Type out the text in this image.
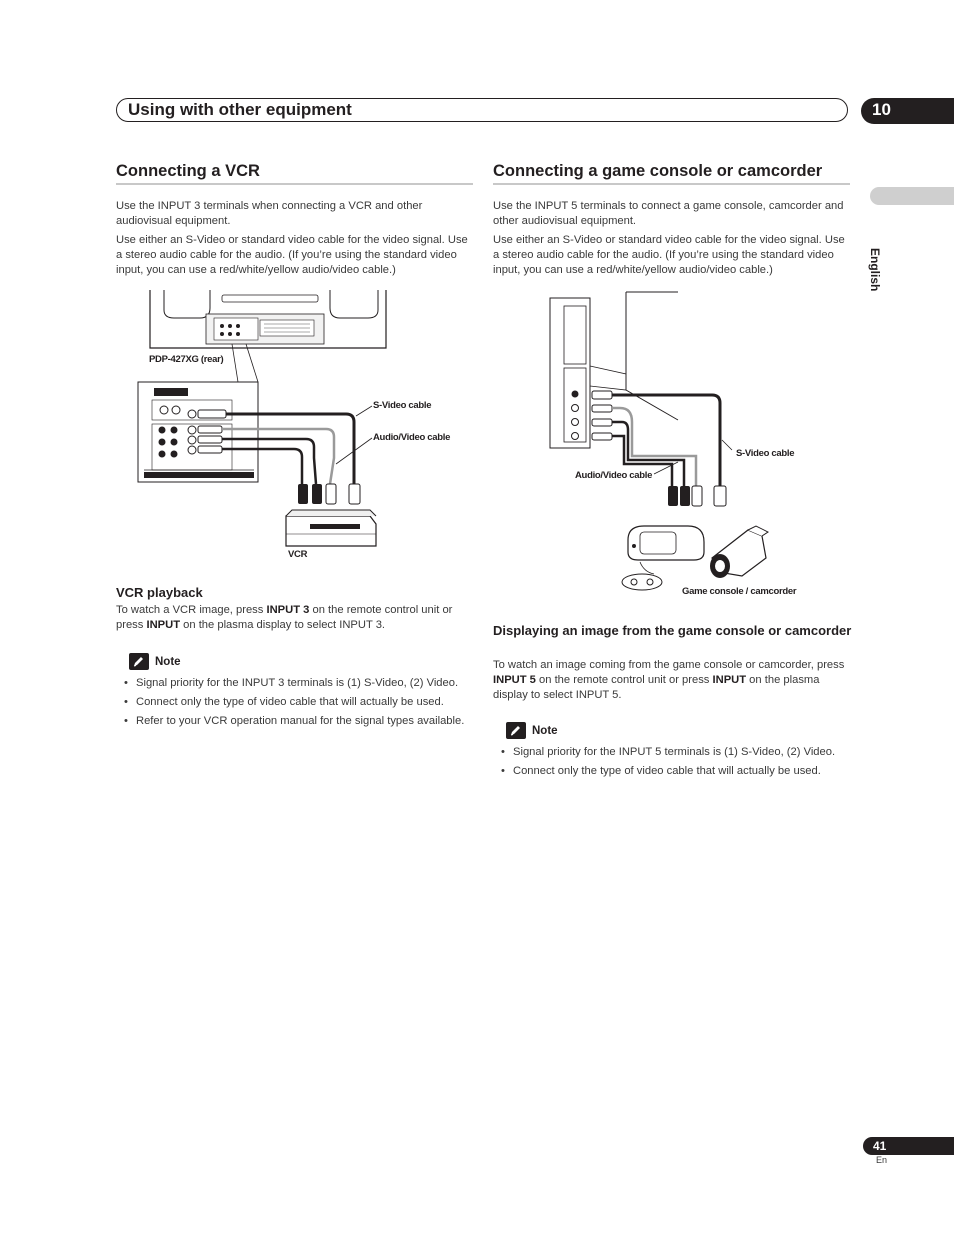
Using with other equipment	10
English
Connecting a VCR
Use the INPUT 3 terminals when connecting a VCR and other audiovisual equipment.
Use either an S-Video or standard video cable for the video signal. Use a stereo audio cable for the audio. (If you’re using the standard video input, you can use a red/white/yellow audio/video cable.)
PDP-427XG (rear)
S-Video cable
Audio/Video cable
VCR
VCR playback
To watch a VCR image, press INPUT 3 on the remote control unit or press INPUT on the plasma display to select INPUT 3.
Note
• Signal priority for the INPUT 3 terminals is (1) S-Video, (2) Video.
• Connect only the type of video cable that will actually be used.
• Refer to your VCR operation manual for the signal types available.
Connecting a game console or camcorder
Use the INPUT 5 terminals to connect a game console, camcorder and other audiovisual equipment.
Use either an S-Video or standard video cable for the video signal. Use a stereo audio cable for the audio. (If you’re using the standard video input, you can use a red/white/yellow audio/video cable.)
S-Video cable
Audio/Video cable
Game console / camcorder
Displaying an image from the game console or camcorder
To watch an image coming from the game console or camcorder, press INPUT 5 on the remote control unit or press INPUT on the plasma display to select INPUT 5.
Note
• Signal priority for the INPUT 5 terminals is (1) S-Video, (2) Video.
• Connect only the type of video cable that will actually be used.
41
En
